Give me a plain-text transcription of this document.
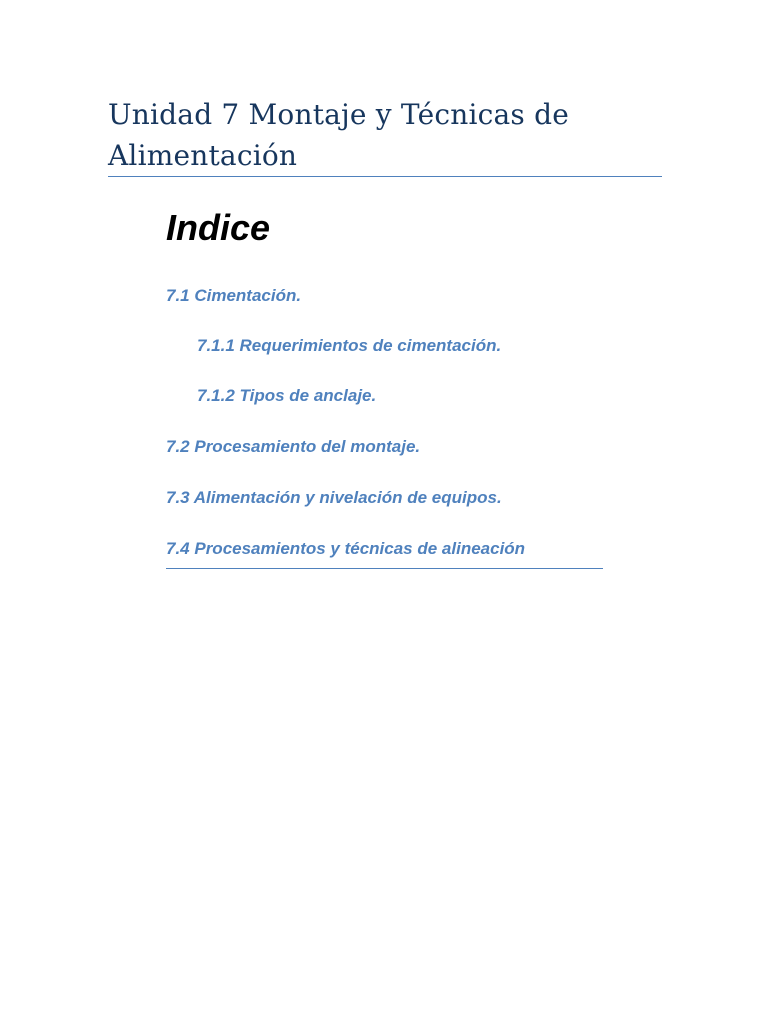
Unidad 7 Montaje y Técnicas de Alimentación
Indice
7.1 Cimentación.
7.1.1 Requerimientos de cimentación.
7.1.2 Tipos de anclaje.
7.2 Procesamiento del montaje.
7.3 Alimentación y nivelación de equipos.
7.4 Procesamientos y técnicas de alineación
